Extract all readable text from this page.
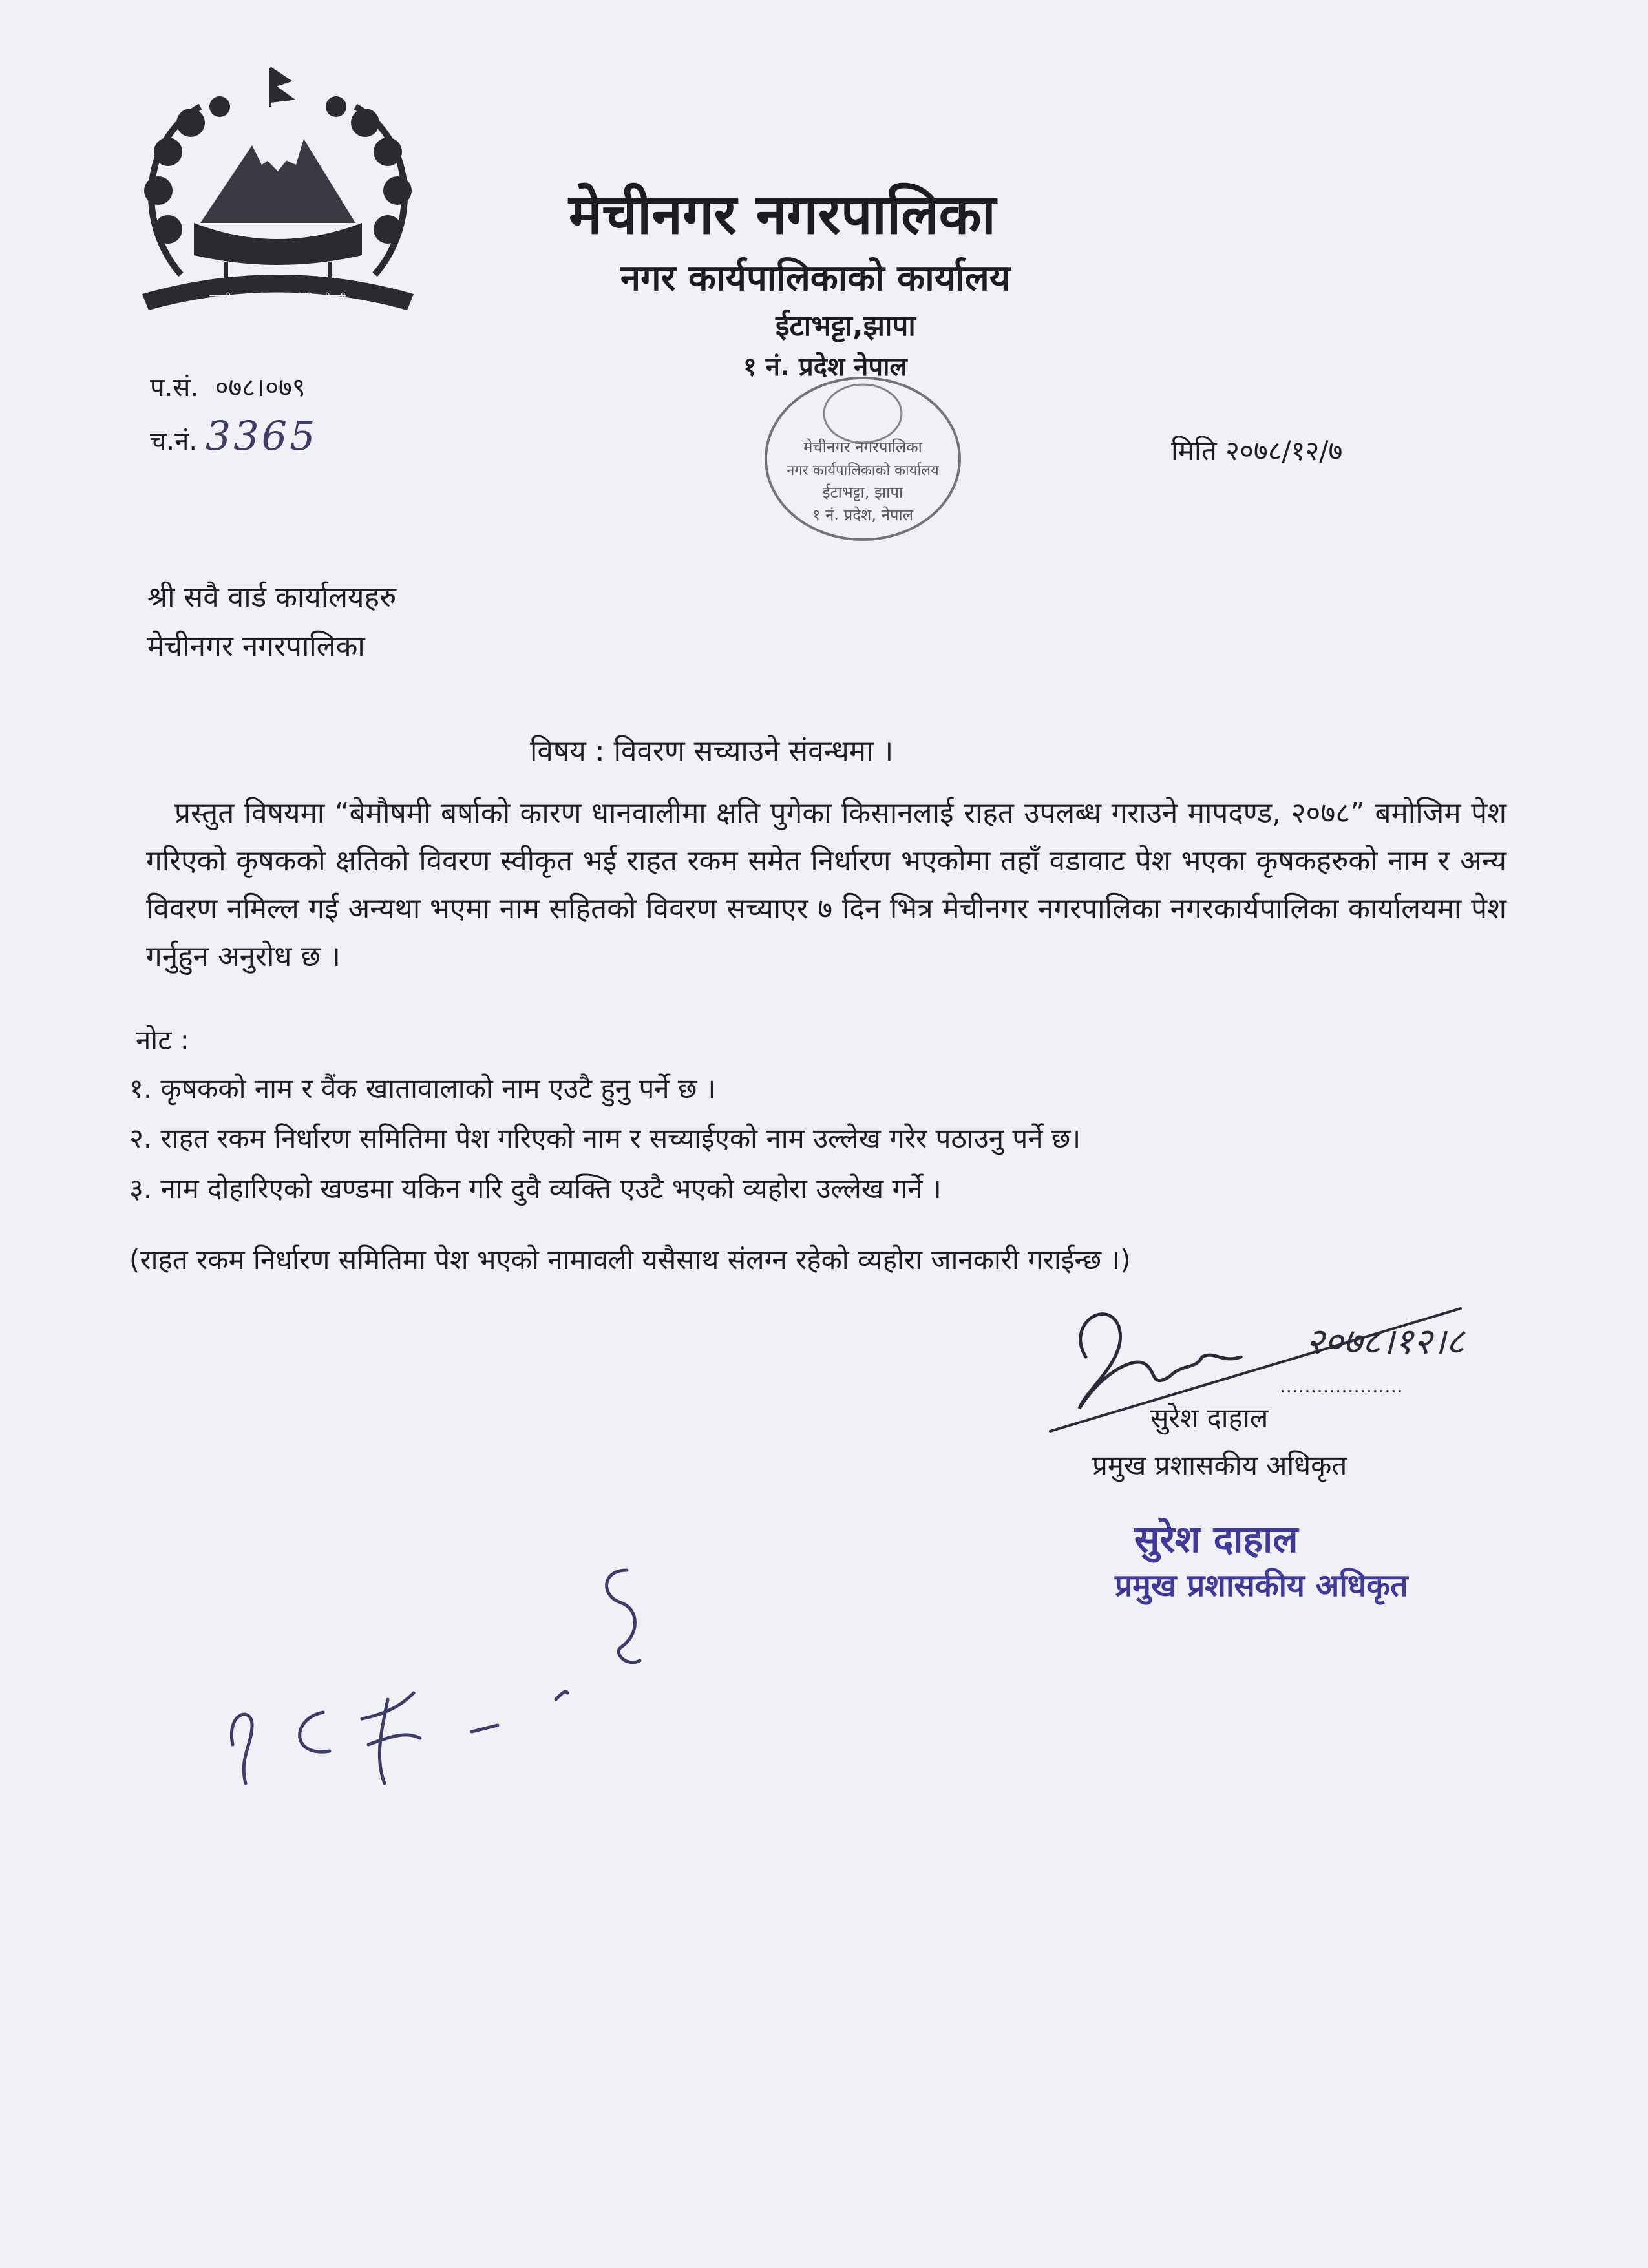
जननी जन्मभूमिश्च स्वर्गादपि गरीयसी
मेचीनगर नगरपालिका
नगर कार्यपालिकाको कार्यालय
ईटाभट्टा,झापा
१ नं. प्रदेश नेपाल
मेचीनगर नगरपालिका
नगर कार्यपालिकाको कार्यालय
ईटाभट्टा, झापा
१ नं. प्रदेश, नेपाल
प.सं. ०७८।०७९
च.नं. 3365	मिति २०७८/१२/७
श्री सवै वार्ड कार्यालयहरु
मेचीनगर नगरपालिका
विषय : विवरण सच्याउने संवन्धमा ।
प्रस्तुत विषयमा “बेमौषमी बर्षाको कारण धानवालीमा क्षति पुगेका किसानलाई राहत उपलब्ध गराउने मापदण्ड, २०७८” बमोजिम पेश गरिएको कृषकको क्षतिको विवरण स्वीकृत भई राहत रकम समेत निर्धारण भएकोमा तहाँ वडावाट पेश भएका कृषकहरुको नाम र अन्य विवरण नमिल्ल गई अन्यथा भएमा नाम सहितको विवरण सच्याएर ७ दिन भित्र मेचीनगर नगरपालिका नगरकार्यपालिका कार्यालयमा पेश गर्नुहुन अनुरोध छ ।
नोट :
१. कृषकको नाम र वैंक खातावालाको नाम एउटै हुनु पर्ने छ ।
२. राहत रकम निर्धारण समितिमा पेश गरिएको नाम र सच्याईएको नाम उल्लेख गरेर पठाउनु पर्ने छ।
३. नाम दोहारिएको खण्डमा यकिन गरि दुवै व्यक्ति एउटै भएको व्यहोरा उल्लेख गर्ने ।
(राहत रकम निर्धारण समितिमा पेश भएको नामावली यसैसाथ संलग्न रहेको व्यहोरा जानकारी गराईन्छ ।)
२०७८।१२।८
....................
सुरेश दाहाल
प्रमुख प्रशासकीय अधिकृत
सुरेश दाहाल
प्रमुख प्रशासकीय अधिकृत
१८७-१
